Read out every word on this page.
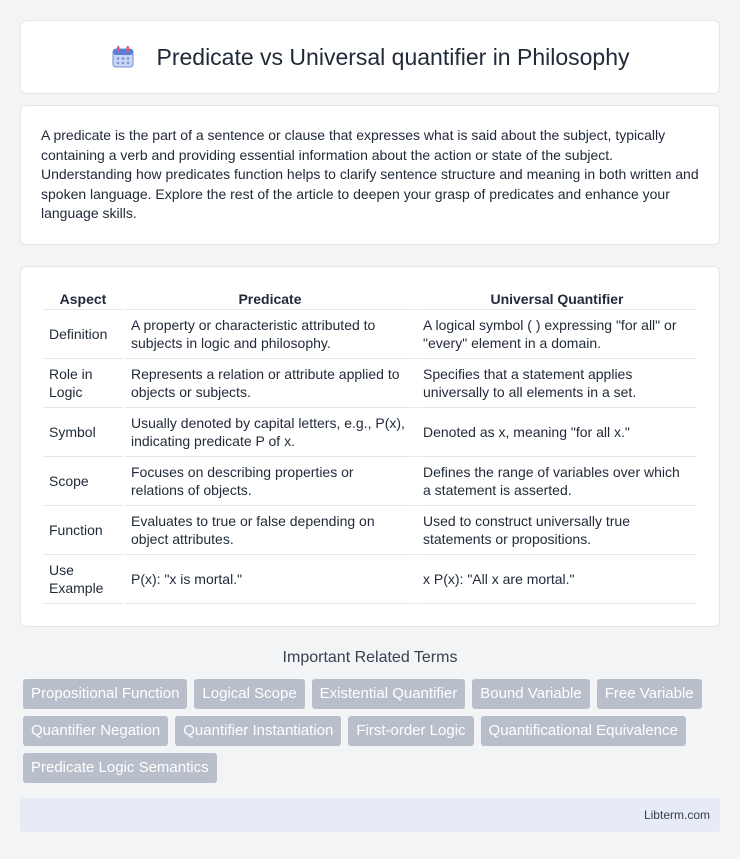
Predicate vs Universal quantifier in Philosophy

A predicate is the part of a sentence or clause that expresses what is said about the subject, typically containing a verb and providing essential information about the action or state of the subject. Understanding how predicates function helps to clarify sentence structure and meaning in both written and spoken language. Explore the rest of the article to deepen your grasp of predicates and enhance your language skills.

Aspect	Predicate	Universal Quantifier
Definition	A property or characteristic attributed to subjects in logic and philosophy.	A logical symbol ( ) expressing "for all" or "every" element in a domain.
Role in Logic	Represents a relation or attribute applied to objects or subjects.	Specifies that a statement applies universally to all elements in a set.
Symbol	Usually denoted by capital letters, e.g., P(x), indicating predicate P of x.	Denoted as x, meaning "for all x."
Scope	Focuses on describing properties or relations of objects.	Defines the range of variables over which a statement is asserted.
Function	Evaluates to true or false depending on object attributes.	Used to construct universally true statements or propositions.
Use Example	P(x): "x is mortal."	x P(x): "All x are mortal."
Important Related Terms
Propositional Function	Logical Scope	Existential Quantifier	Bound Variable	Free Variable
Quantifier Negation	Quantifier Instantiation	First-order Logic	Quantificational Equivalence
Predicate Logic Semantics
Libterm.com
